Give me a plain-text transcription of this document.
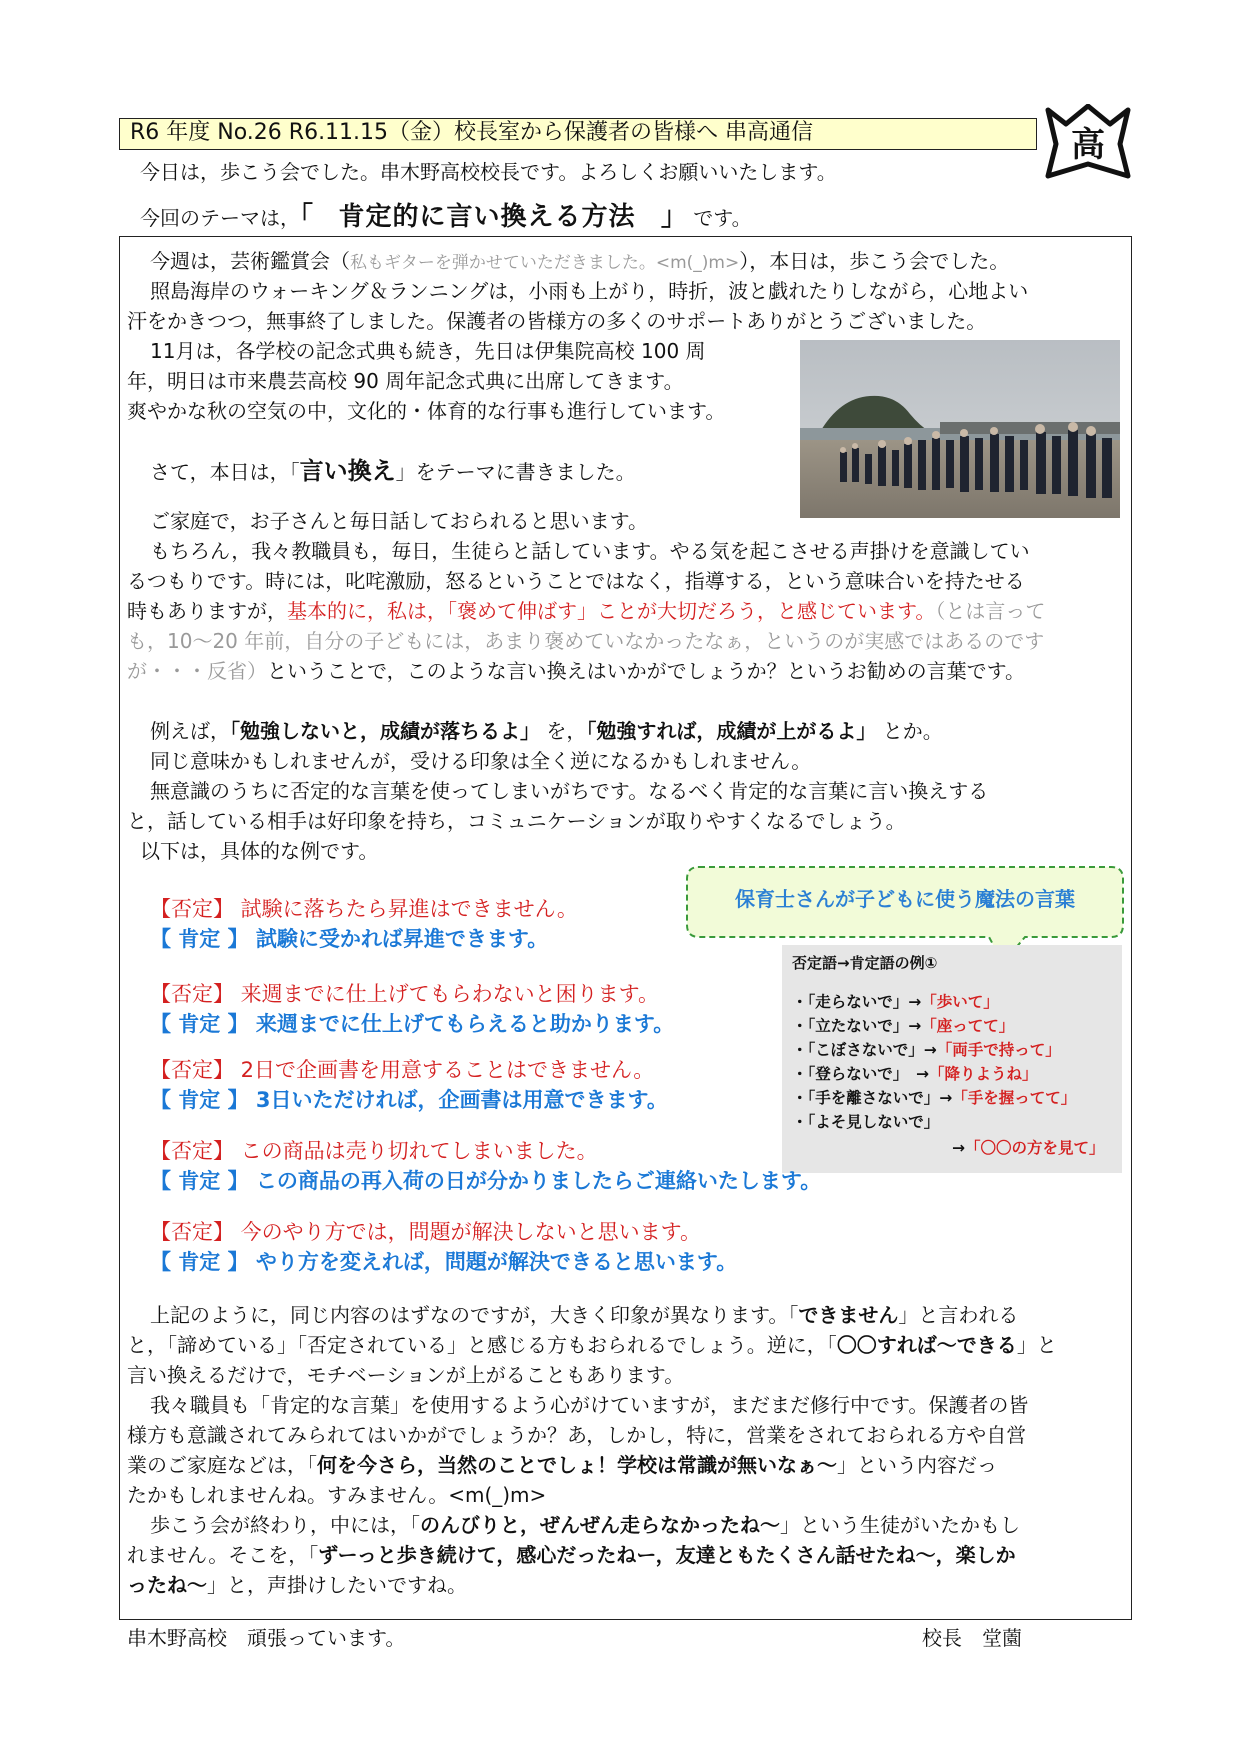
R6 年度 No.26 R6.11.15（金）校長室から保護者の皆様へ 串高通信	高
今日は，歩こう会でした。串木野高校校長です。よろしくお願いいたします。
今回のテーマは，「 肯定的に言い換える方法 」 です。
今週は，芸術鑑賞会（私もギターを弾かせていただきました。<m(_)m>），本日は，歩こう会でした。
照島海岸のウォーキング＆ランニングは，小雨も上がり，時折，波と戯れたりしながら，心地よい
汗をかきつつ，無事終了しました。保護者の皆様方の多くのサポートありがとうございました。
11月は，各学校の記念式典も続き，先日は伊集院高校 100 周
年，明日は市来農芸高校 90 周年記念式典に出席してきます。
爽やかな秋の空気の中，文化的・体育的な行事も進行しています。
さて，本日は，「言い換え」をテーマに書きました。
ご家庭で，お子さんと毎日話しておられると思います。
もちろん，我々教職員も，毎日，生徒らと話しています。やる気を起こさせる声掛けを意識してい
るつもりです。時には，叱咤激励，怒るということではなく，指導する，という意味合いを持たせる
時もありますが，基本的に，私は，「褒めて伸ばす」ことが大切だろう，と感じています。（とは言って
も，10～20 年前，自分の子どもには，あまり褒めていなかったなぁ，というのが実感ではあるのです
が・・・反省）ということで，このような言い換えはいかがでしょうか？というお勧めの言葉です。
例えば，「勉強しないと，成績が落ちるよ」 を，「勉強すれば，成績が上がるよ」 とか。
同じ意味かもしれませんが，受ける印象は全く逆になるかもしれません。
無意識のうちに否定的な言葉を使ってしまいがちです。なるべく肯定的な言葉に言い換えする
と，話している相手は好印象を持ち，コミュニケーションが取りやすくなるでしょう。
以下は，具体的な例です。
保育士さんが子どもに使う魔法の言葉
否定語→肯定語の例①
・「走らないで」→「歩いて」
・「立たないで」→「座ってて」
・「こぼさないで」→「両手で持って」
・「登らないで」　→「降りようね」
・「手を離さないで」→「手を握ってて」
・「よそ見しないで」
→「〇〇の方を見て」
【否定】 試験に落ちたら昇進はできません。
【 肯定 】 試験に受かれば昇進できます。
【否定】 来週までに仕上げてもらわないと困ります。
【 肯定 】 来週までに仕上げてもらえると助かります。
【否定】 2日で企画書を用意することはできません。
【 肯定 】 3日いただければ，企画書は用意できます。
【否定】 この商品は売り切れてしまいました。
【 肯定 】 この商品の再入荷の日が分かりましたらご連絡いたします。
【否定】 今のやり方では，問題が解決しないと思います。
【 肯定 】 やり方を変えれば，問題が解決できると思います。
上記のように，同じ内容のはずなのですが，大きく印象が異なります。「できません」と言われる
と，「諦めている」「否定されている」と感じる方もおられるでしょう。逆に，「〇〇すれば～できる」と
言い換えるだけで，モチベーションが上がることもあります。
我々職員も「肯定的な言葉」を使用するよう心がけていますが，まだまだ修行中です。保護者の皆
様方も意識されてみられてはいかがでしょうか？あ，しかし，特に，営業をされておられる方や自営
業のご家庭などは，「何を今さら，当然のことでしょ！学校は常識が無いなぁ～」という内容だっ
たかもしれませんね。すみません。<m(_)m>
歩こう会が終わり，中には，「のんびりと，ぜんぜん走らなかったね～」という生徒がいたかもし
れません。そこを，「ずーっと歩き続けて，感心だったねー，友達ともたくさん話せたね～，楽しか
ったね～」と，声掛けしたいですね。
串木野高校　頑張っています。	校長　堂薗
